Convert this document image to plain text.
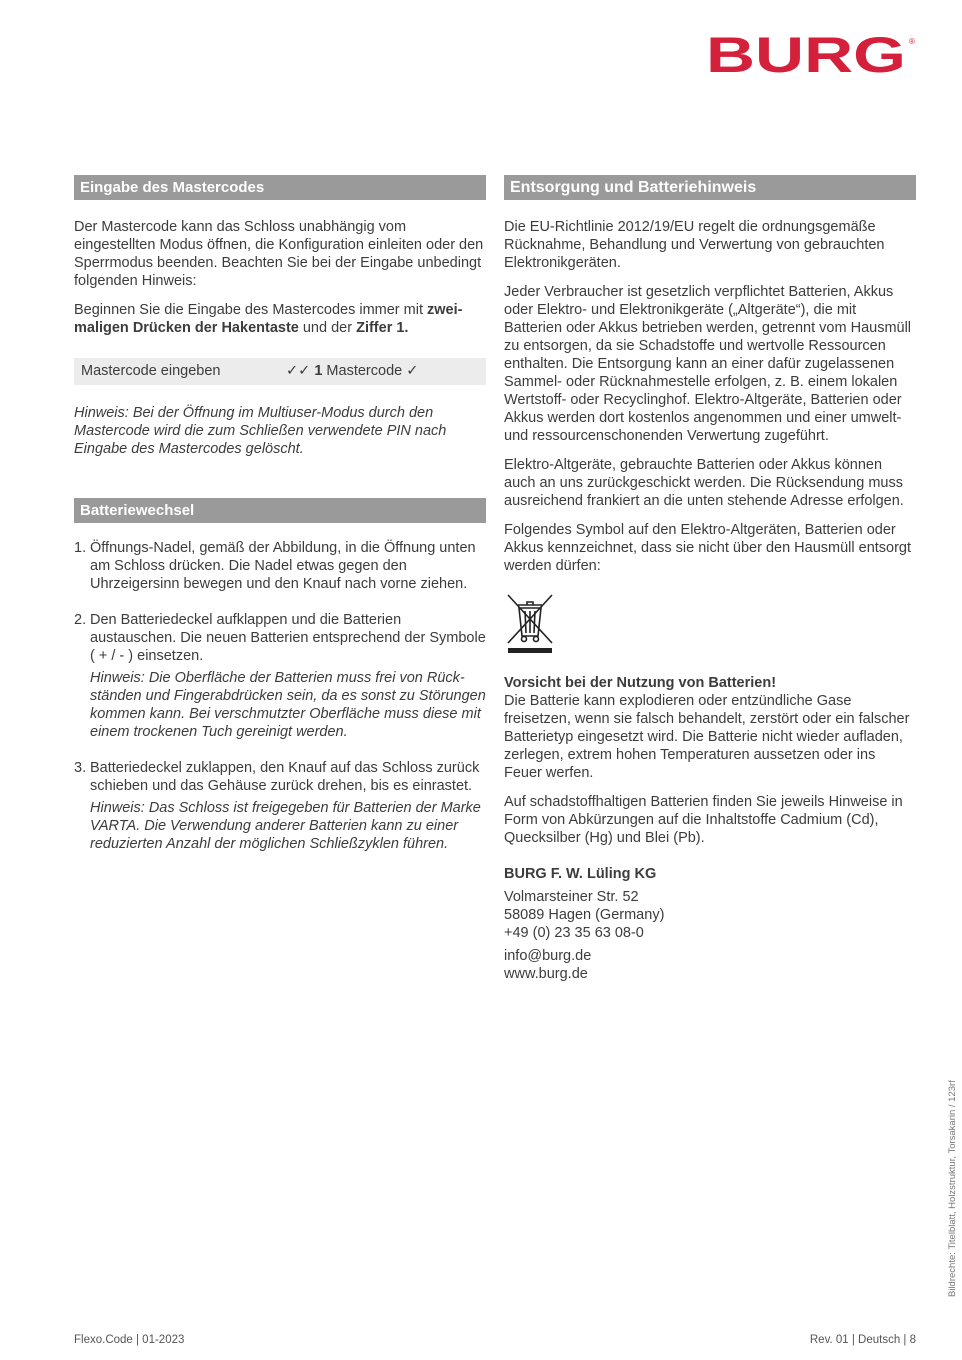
BURG ®
Eingabe des Mastercodes

Der Mastercode kann das Schloss unabhängig vom eingestellten Modus öffnen, die Konfiguration einleiten oder den Sperrmodus beenden. Beachten Sie bei der Eingabe unbedingt folgenden Hinweis:

Beginnen Sie die Eingabe des Mastercodes immer mit zweimaligen Drücken der Hakentaste und der Ziffer 1.

Mastercode eingeben	✓✓ 1 Mastercode ✓

Hinweis: Bei der Öffnung im Multiuser-Modus durch den Mastercode wird die zum Schließen verwendete PIN nach Eingabe des Mastercodes gelöscht.

Batteriewechsel
1. Öffnungs-Nadel, gemäß der Abbildung, in die Öffnung unten am Schloss drücken. Die Nadel etwas gegen den Uhrzeigersinn bewegen und den Knauf nach vorne ziehen.

2. Den Batteriedeckel aufklappen und die Batterien austauschen. Die neuen Batterien entsprechend der Symbole ( + / - ) einsetzen.

Hinweis: Die Oberfläche der Batterien muss frei von Rückständen und Fingerabdrücken sein, da es sonst zu Störungen kommen kann. Bei verschmutzter Oberfläche muss diese mit einem trockenen Tuch gereinigt werden.

3. Batteriedeckel zuklappen, den Knauf auf das Schloss zurück schieben und das Gehäuse zurück drehen, bis es einrastet.

Hinweis: Das Schloss ist freigegeben für Batterien der Marke VARTA. Die Verwendung anderer Batterien kann zu einer reduzierten Anzahl der möglichen Schließzyklen führen.

Entsorgung und Batteriehinweis

Die EU-Richtlinie 2012/19/EU regelt die ordnungsgemäße Rücknahme, Behandlung und Verwertung von gebrauchten Elektronikgeräten.

Jeder Verbraucher ist gesetzlich verpflichtet Batterien, Akkus oder Elektro- und Elektronikgeräte („Altgeräte“), die mit Batterien oder Akkus betrieben werden, getrennt vom Hausmüll zu entsorgen, da sie Schadstoffe und wertvolle Ressourcen enthalten. Die Entsorgung kann an einer dafür zugelassenen Sammel- oder Rücknahmestelle erfolgen, z. B. einem lokalen Wertstoff- oder Recyclinghof. Elektro-Altgeräte, Batterien oder Akkus werden dort kostenlos angenommen und einer umwelt- und ressourcenschonenden Verwertung zugeführt.

Elektro-Altgeräte, gebrauchte Batterien oder Akkus können auch an uns zurückgeschickt werden. Die Rücksendung muss ausreichend frankiert an die unten stehende Adresse erfolgen.

Folgendes Symbol auf den Elektro-Altgeräten, Batterien oder Akkus kennzeichnet, dass sie nicht über den Hausmüll entsorgt werden dürfen:

Vorsicht bei der Nutzung von Batterien!

Die Batterie kann explodieren oder entzündliche Gase freisetzen, wenn sie falsch behandelt, zerstört oder ein falscher Batterietyp eingesetzt wird. Die Batterie nicht wieder aufladen, zerlegen, extrem hohen Temperaturen aussetzen oder ins Feuer werfen.

Auf schadstoffhaltigen Batterien finden Sie jeweils Hinweise in Form von Abkürzungen auf die Inhaltstoffe Cadmium (Cd), Quecksilber (Hg) und Blei (Pb).

BURG F. W. Lüling KG

Volmarsteiner Str. 52

58089 Hagen (Germany)

+49 (0) 23 35 63 08-0

info@burg.de

www.burg.de

Flexo.Code | 01-2023	Rev. 01 | Deutsch | 8
Bildrechte: Titelblatt, Holzstruktur, Torsakarin / 123rf
